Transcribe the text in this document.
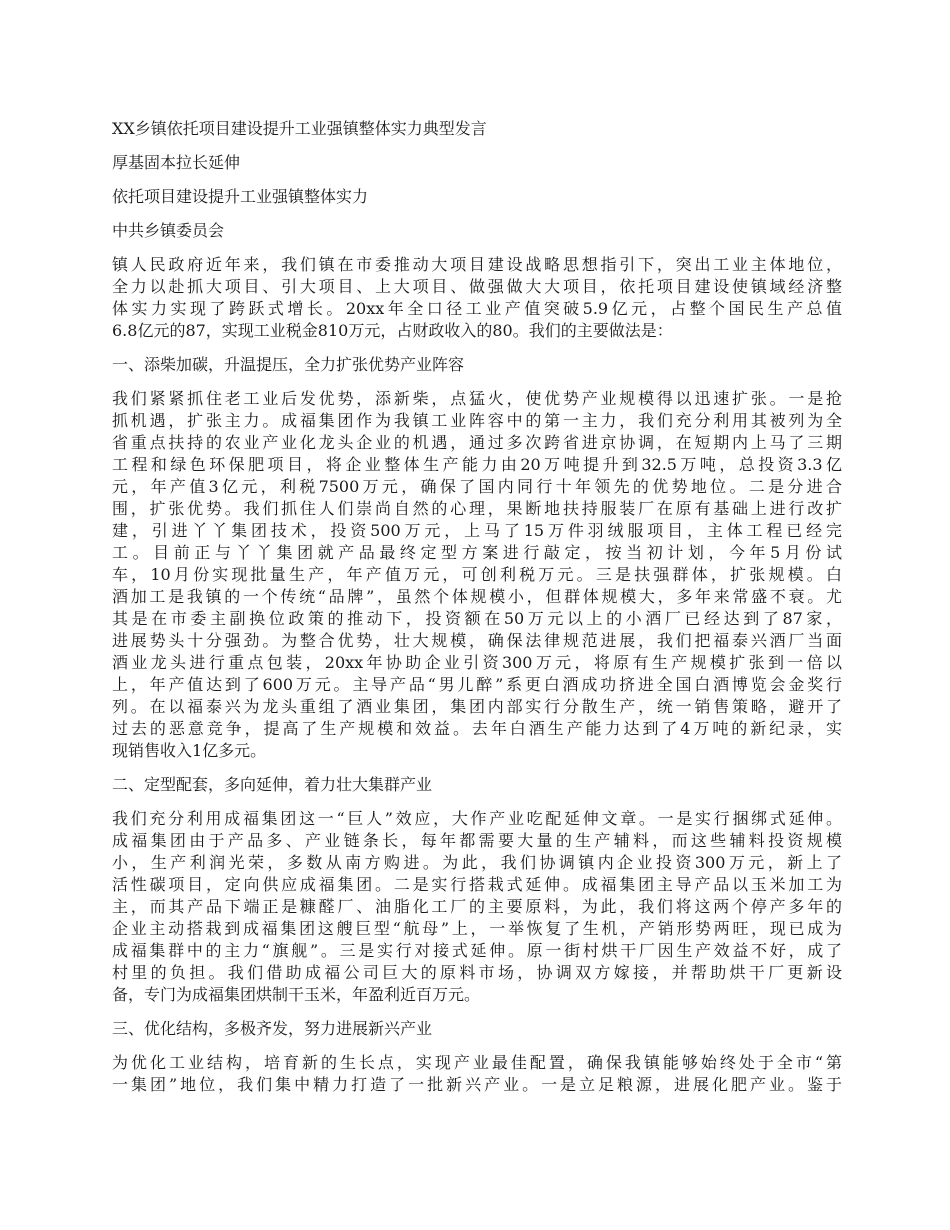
XX乡镇依托项目建设提升工业强镇整体实力典型发言
厚基固本拉长延伸
依托项目建设提升工业强镇整体实力
中共乡镇委员会
镇人民政府近年来，我们镇在市委推动大项目建设战略思想指引下，突出工业主体地位，
全力以赴抓大项目、引大项目、上大项目、做强做大大项目，依托项目建设使镇域经济整
体实力实现了跨跃式增长。20xx年全口径工业产值突破5.9亿元，占整个国民生产总值
6.8亿元的87，实现工业税金810万元，占财政收入的80。我们的主要做法是：
一、添柴加碳，升温提压，全力扩张优势产业阵容
我们紧紧抓住老工业后发优势，添新柴，点猛火，使优势产业规模得以迅速扩张。一是抢
抓机遇，扩张主力。成福集团作为我镇工业阵容中的第一主力，我们充分利用其被列为全
省重点扶持的农业产业化龙头企业的机遇，通过多次跨省进京协调，在短期内上马了三期
工程和绿色环保肥项目，将企业整体生产能力由20万吨提升到32.5万吨，总投资3.3亿
元，年产值3亿元，利税7500万元，确保了国内同行十年领先的优势地位。二是分进合
围，扩张优势。我们抓住人们崇尚自然的心理，果断地扶持服装厂在原有基础上进行改扩
建，引进丫丫集团技术，投资500万元，上马了15万件羽绒服项目，主体工程已经完
工。目前正与丫丫集团就产品最终定型方案进行敲定，按当初计划，今年5月份试
车，10月份实现批量生产，年产值万元，可创利税万元。三是扶强群体，扩张规模。白
酒加工是我镇的一个传统“品牌”，虽然个体规模小，但群体规模大，多年来常盛不衰。尤
其是在市委主副换位政策的推动下，投资额在50万元以上的小酒厂已经达到了87家，
进展势头十分强劲。为整合优势，壮大规模，确保法律规范进展，我们把福泰兴酒厂当面
酒业龙头进行重点包装，20xx年协助企业引资300万元，将原有生产规模扩张到一倍以
上，年产值达到了600万元。主导产品“男儿醉”系更白酒成功挤进全国白酒博览会金奖行
列。在以福泰兴为龙头重组了酒业集团，集团内部实行分散生产，统一销售策略，避开了
过去的恶意竞争，提高了生产规模和效益。去年白酒生产能力达到了4万吨的新纪录，实
现销售收入1亿多元。
二、定型配套，多向延伸，着力壮大集群产业
我们充分利用成福集团这一“巨人”效应，大作产业吃配延伸文章。一是实行捆绑式延伸。
成福集团由于产品多、产业链条长，每年都需要大量的生产辅料，而这些辅料投资规模
小，生产利润光荣，多数从南方购进。为此，我们协调镇内企业投资300万元，新上了
活性碳项目，定向供应成福集团。二是实行搭栽式延伸。成福集团主导产品以玉米加工为
主，而其产品下端正是糠醛厂、油脂化工厂的主要原料，为此，我们将这两个停产多年的
企业主动搭栽到成福集团这艘巨型“航母”上，一举恢复了生机，产销形势两旺，现已成为
成福集群中的主力“旗舰”。三是实行对接式延伸。原一街村烘干厂因生产效益不好，成了
村里的负担。我们借助成福公司巨大的原料市场，协调双方嫁接，并帮助烘干厂更新设
备，专门为成福集团烘制干玉米，年盈利近百万元。
三、优化结构，多极齐发，努力进展新兴产业
为优化工业结构，培育新的生长点，实现产业最佳配置，确保我镇能够始终处于全市“第
一集团”地位，我们集中精力打造了一批新兴产业。一是立足粮源，进展化肥产业。鉴于
